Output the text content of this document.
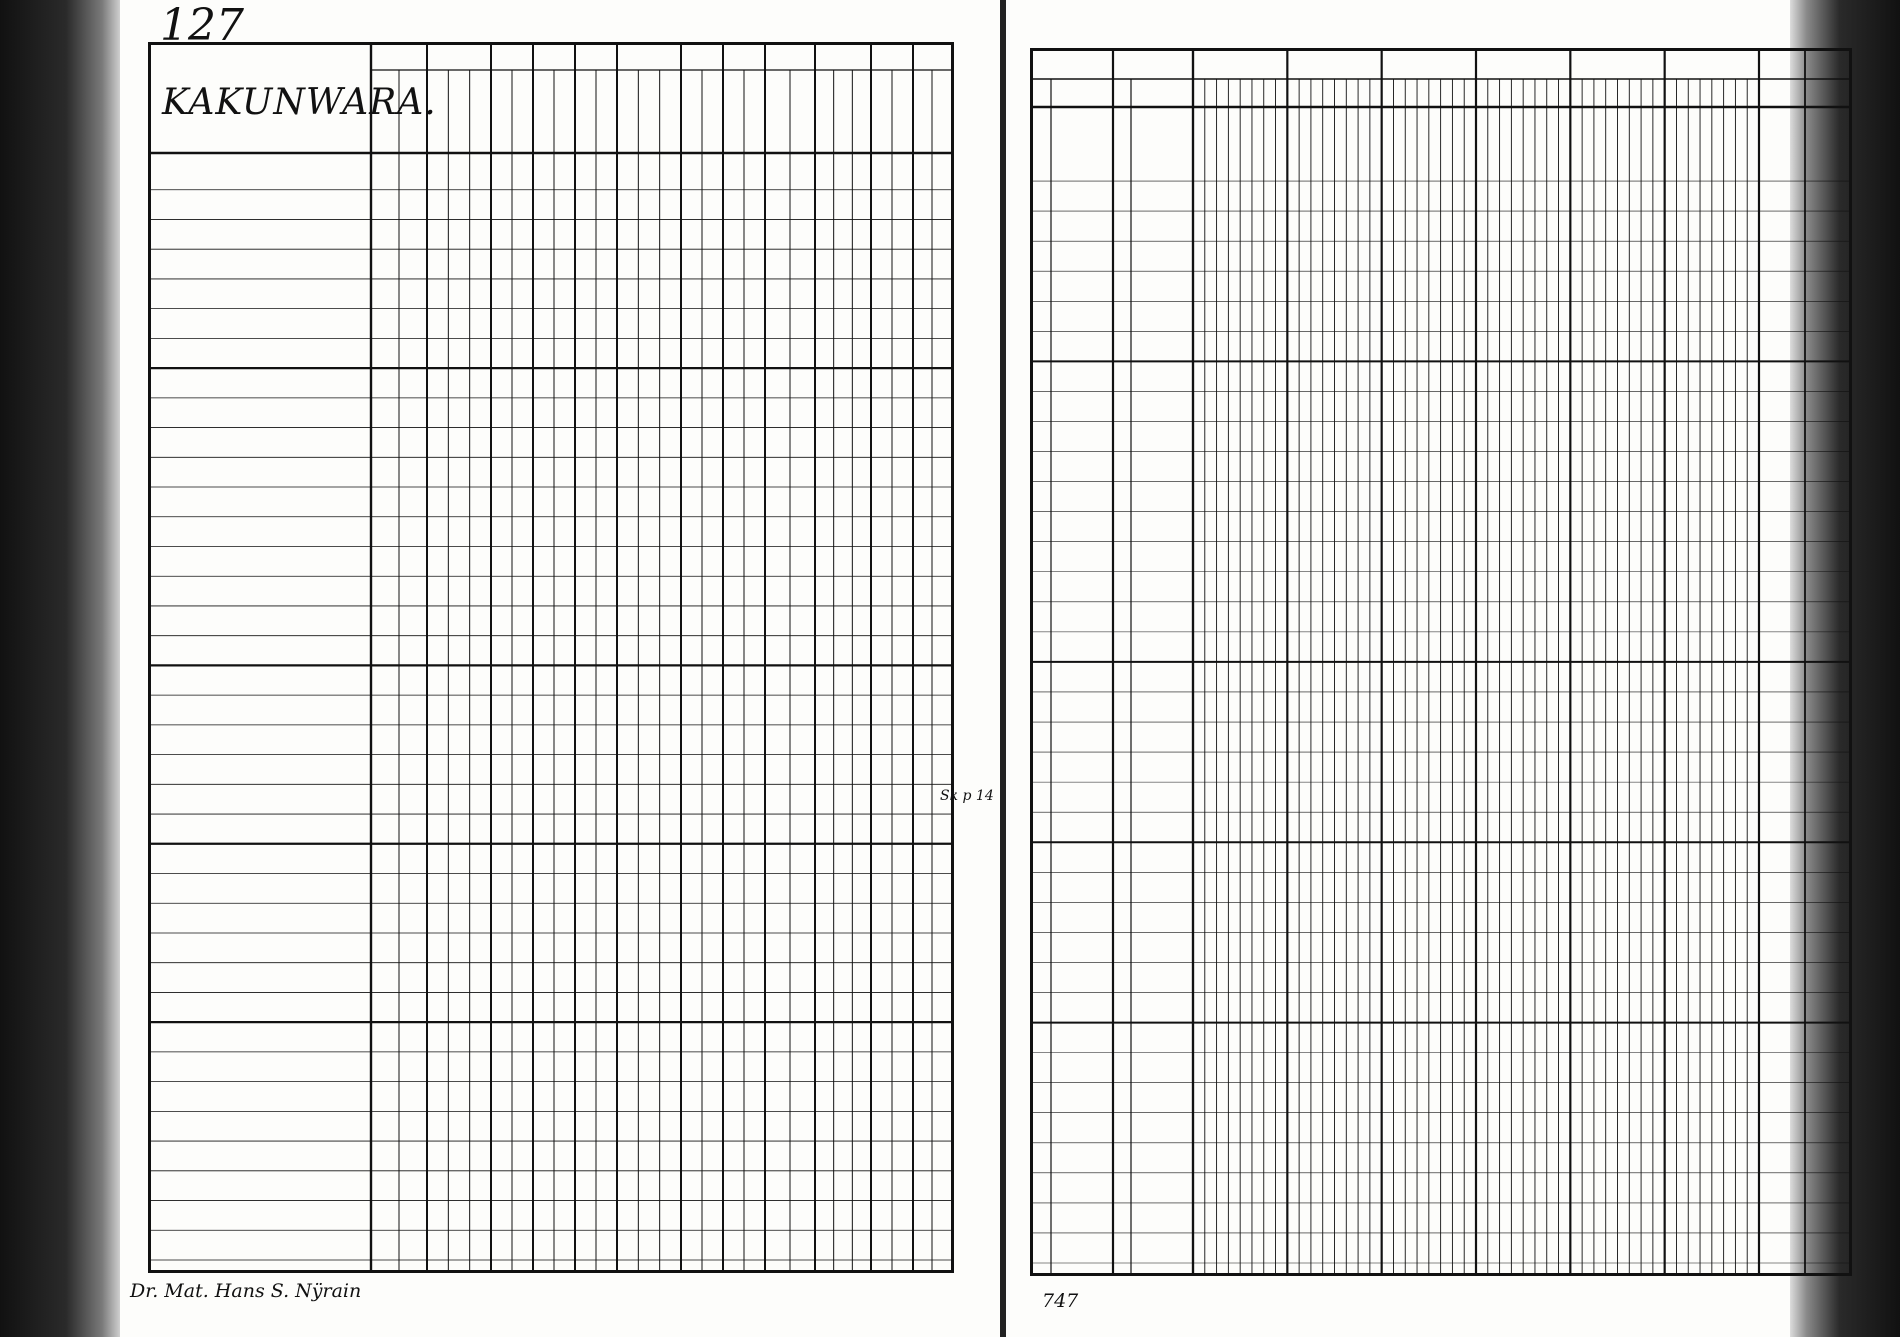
127
KAKUNWARA.
Dr. Mat. Hans S. Nÿrain
Sk p 14
747
